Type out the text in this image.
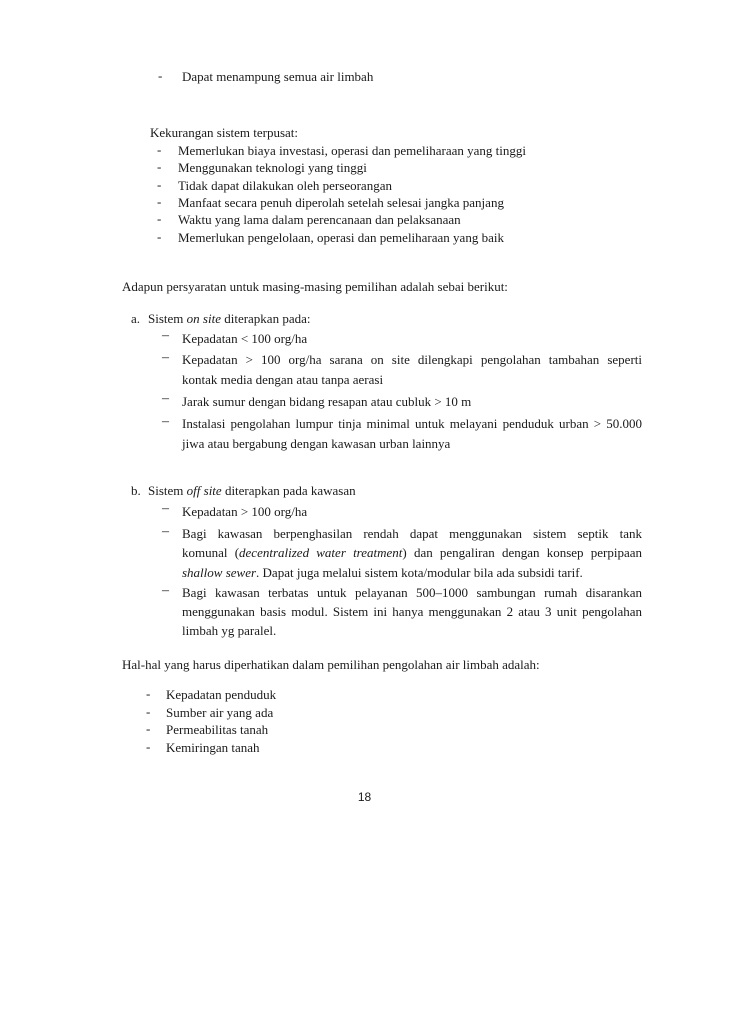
- Dapat menampung semua air limbah
Kekurangan sistem terpusat:
- Memerlukan biaya investasi, operasi dan pemeliharaan yang tinggi
- Menggunakan teknologi yang tinggi
- Tidak dapat dilakukan oleh perseorangan
- Manfaat secara penuh diperolah setelah selesai jangka panjang
- Waktu yang lama dalam perencanaan dan pelaksanaan
- Memerlukan pengelolaan, operasi dan pemeliharaan yang baik
Adapun persyaratan untuk masing-masing pemilihan adalah sebai berikut:
a. Sistem on site diterapkan pada:
– Kepadatan < 100 org/ha
– Kepadatan > 100 org/ha sarana on site dilengkapi pengolahan tambahan seperti
kontak media dengan atau tanpa aerasi
– Jarak sumur dengan bidang resapan atau cubluk > 10 m
– Instalasi pengolahan lumpur tinja minimal untuk melayani penduduk urban > 50.000
jiwa atau bergabung dengan kawasan urban lainnya
b. Sistem off site diterapkan pada kawasan
– Kepadatan > 100 org/ha
– Bagi kawasan berpenghasilan rendah dapat menggunakan sistem septik tank
komunal (decentralized water treatment) dan pengaliran dengan konsep perpipaan
shallow sewer. Dapat juga melalui sistem kota/modular bila ada subsidi tarif.
– Bagi kawasan terbatas untuk pelayanan 500–1000 sambungan rumah disarankan
menggunakan basis modul. Sistem ini hanya menggunakan 2 atau 3 unit pengolahan
limbah yg paralel.
Hal-hal yang harus diperhatikan dalam pemilihan pengolahan air limbah adalah:
- Kepadatan penduduk
- Sumber air yang ada
- Permeabilitas tanah
- Kemiringan tanah
18
